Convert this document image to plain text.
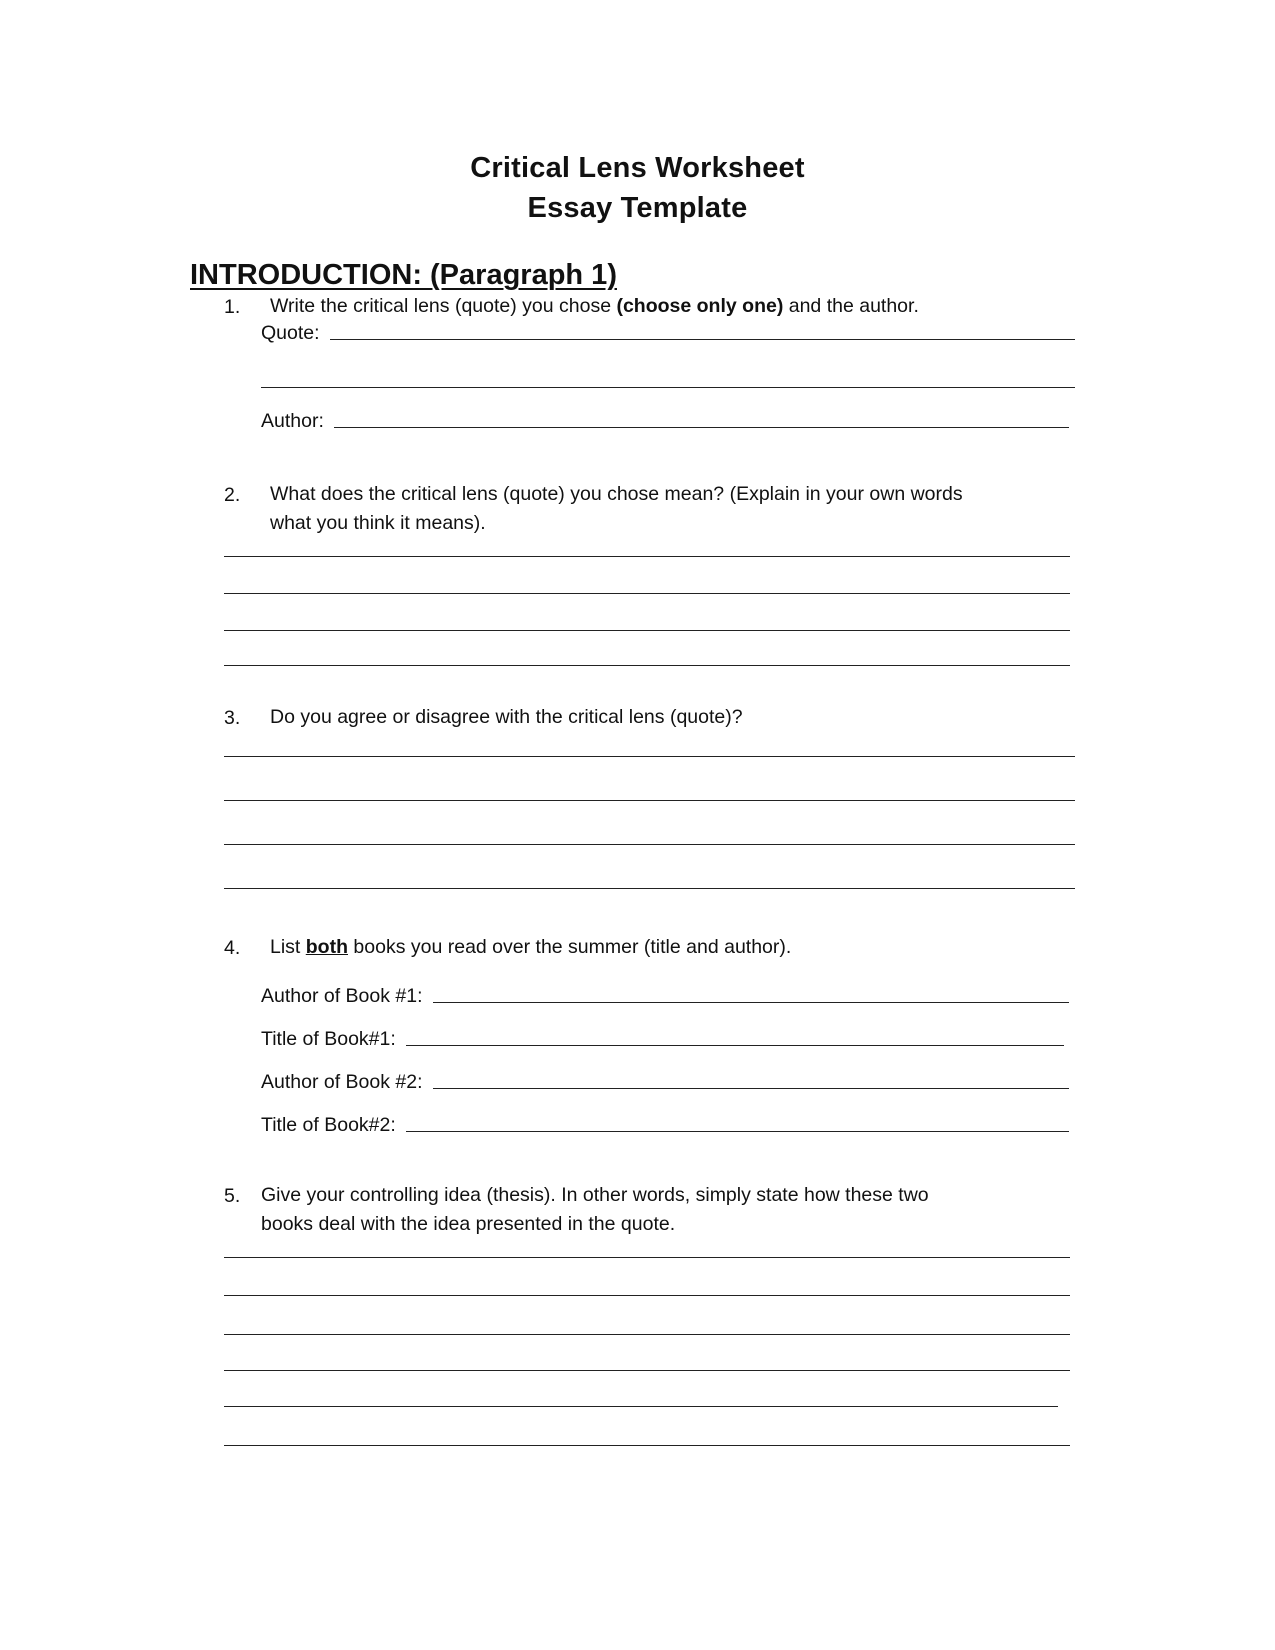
Critical Lens Worksheet
Essay Template
INTRODUCTION: (Paragraph 1)
1. Write the critical lens (quote) you chose (choose only one) and the author.
Quote:
Author:
2. What does the critical lens (quote) you chose mean? (Explain in your own words
what you think it means).
3. Do you agree or disagree with the critical lens (quote)?
4. List both books you read over the summer (title and author).
Author of Book #1:
Title of Book#1:
Author of Book #2:
Title of Book#2:
5. Give your controlling idea (thesis). In other words, simply state how these two
books deal with the idea presented in the quote.
